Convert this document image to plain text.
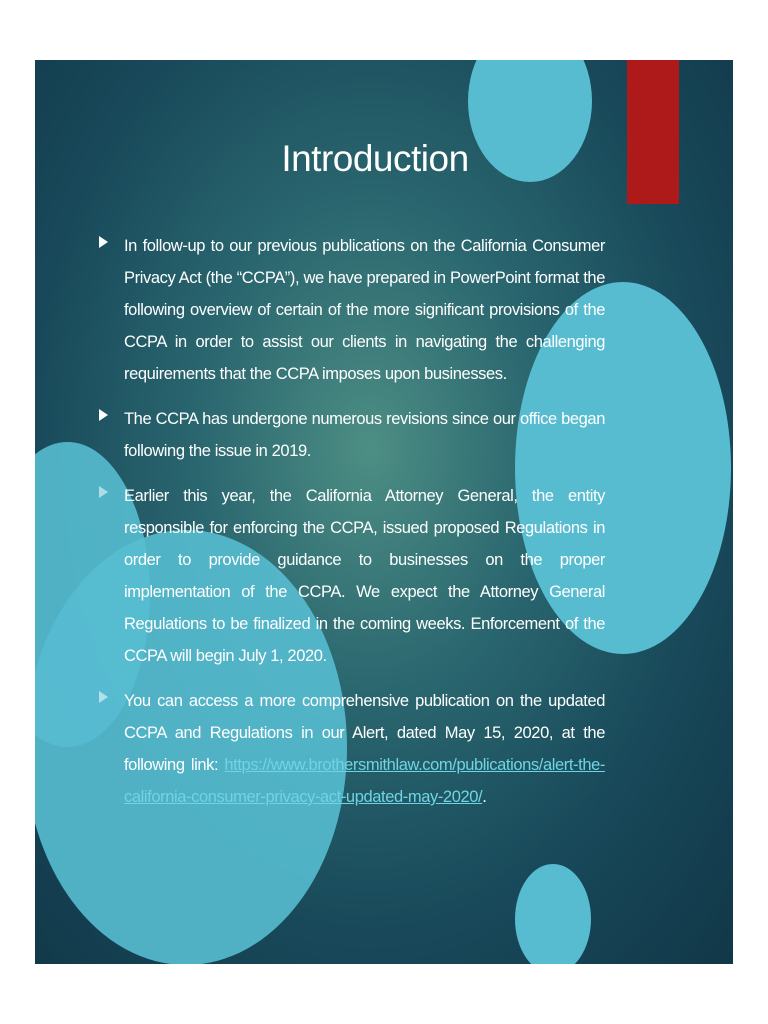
Introduction
In follow-up to our previous publications on the California Consumer Privacy Act (the “CCPA”), we have prepared in PowerPoint format the following overview of certain of the more significant provisions of the CCPA in order to assist our clients in navigating the challenging requirements that the CCPA imposes upon businesses.
The CCPA has undergone numerous revisions since our office began following the issue in 2019.
Earlier this year, the California Attorney General, the entity responsible for enforcing the CCPA, issued proposed Regulations in order to provide guidance to businesses on the proper implementation of the CCPA. We expect the Attorney General Regulations to be finalized in the coming weeks. Enforcement of the CCPA will begin July 1, 2020.
You can access a more comprehensive publication on the updated CCPA and Regulations in our Alert, dated May 15, 2020, at the following link: https://www.brothersmithlaw.com/publications/alert-the-california-consumer-privacy-act-updated-may-2020/.
